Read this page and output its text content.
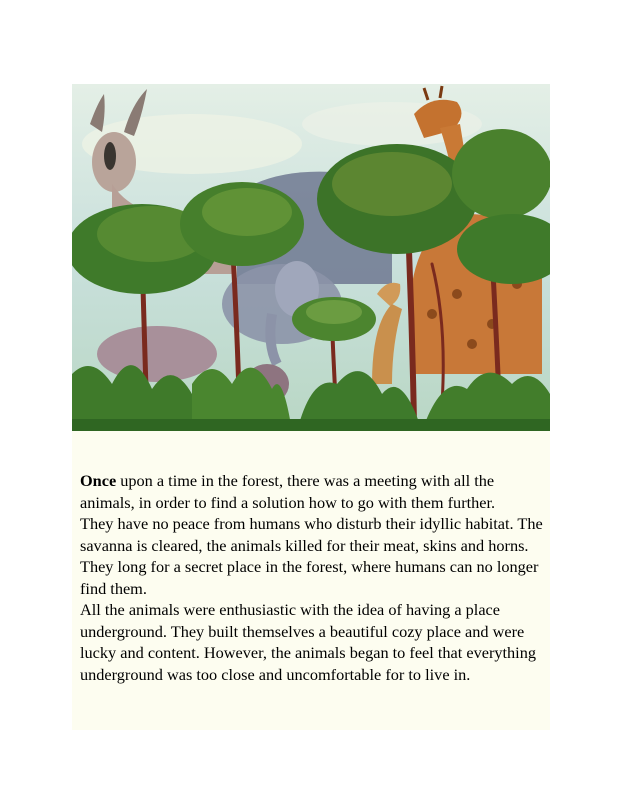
Once upon a time in the forest, there was a meeting with all the animals, in order to find a solution how to go with them further.

They have no peace from humans who disturb their idyllic habitat. The savanna is cleared, the animals killed for their meat, skins and horns. They long for a secret place in the forest, where humans can no longer find them.

All the animals were enthusiastic with the idea of having a place underground. They built themselves a beautiful cozy place and were lucky and content. However, the animals began to feel that everything underground was too close and uncomfortable for to live in.
